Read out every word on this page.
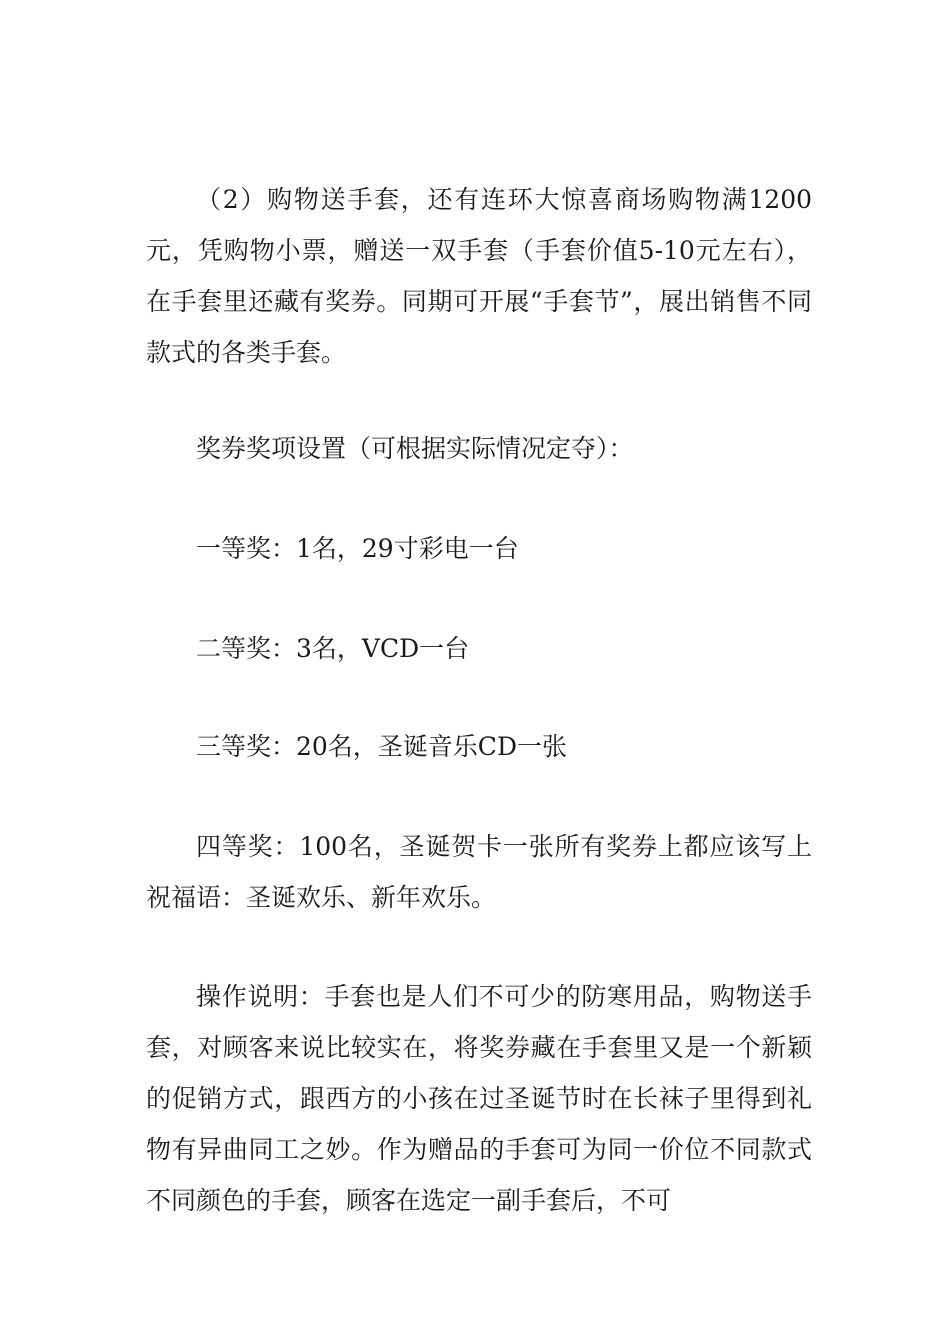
（2）购物送手套，还有连环大惊喜商场购物满1200元，凭购物小票，赠送一双手套（手套价值5-10元左右），在手套里还藏有奖券。同期可开展“手套节”，展出销售不同款式的各类手套。

奖券奖项设置（可根据实际情况定夺）：

一等奖：1名，29寸彩电一台

二等奖：3名，VCD一台

三等奖：20名，圣诞音乐CD一张

四等奖：100名，圣诞贺卡一张所有奖券上都应该写上祝福语：圣诞欢乐、新年欢乐。

操作说明：手套也是人们不可少的防寒用品，购物送手套，对顾客来说比较实在，将奖券藏在手套里又是一个新颖的促销方式，跟西方的小孩在过圣诞节时在长袜子里得到礼物有异曲同工之妙。作为赠品的手套可为同一价位不同款式不同颜色的手套，顾客在选定一副手套后，不可
